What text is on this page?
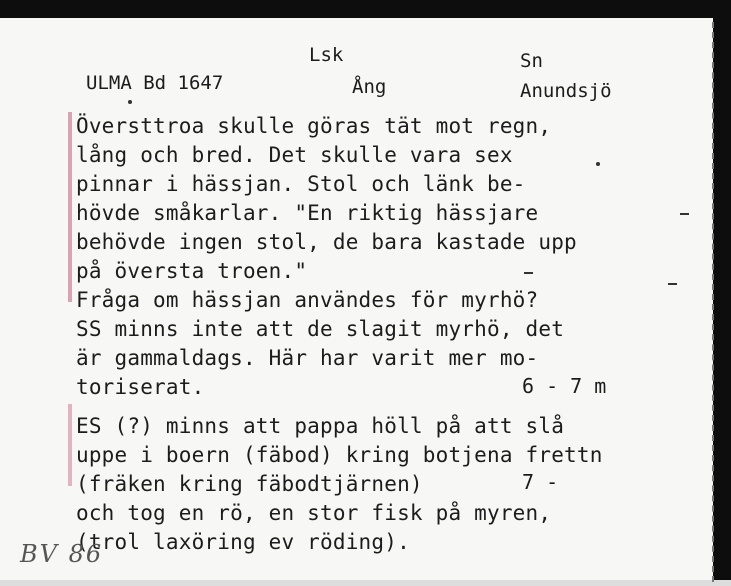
Lsk	Sn
ULMA Bd 1647	Ång	Anundsjö
Översttroa skulle göras tät mot regn,
lång och bred. Det skulle vara sex
pinnar i hässjan. Stol och länk be-
hövde småkarlar. "En riktig hässjare
behövde ingen stol, de bara kastade upp
på översta troen."
Fråga om hässjan användes för myrhö?
SS minns inte att de slagit myrhö, det
är gammaldags. Här har varit mer mo-
toriserat.
ES (?) minns att pappa höll på att slå
uppe i boern (fäbod) kring botjena frettn
(fräken kring fäbodtjärnen)
och tog en rö, en stor fisk på myren,
(trol laxöring ev röding).
6 - 7 m
7 -
BV 86
